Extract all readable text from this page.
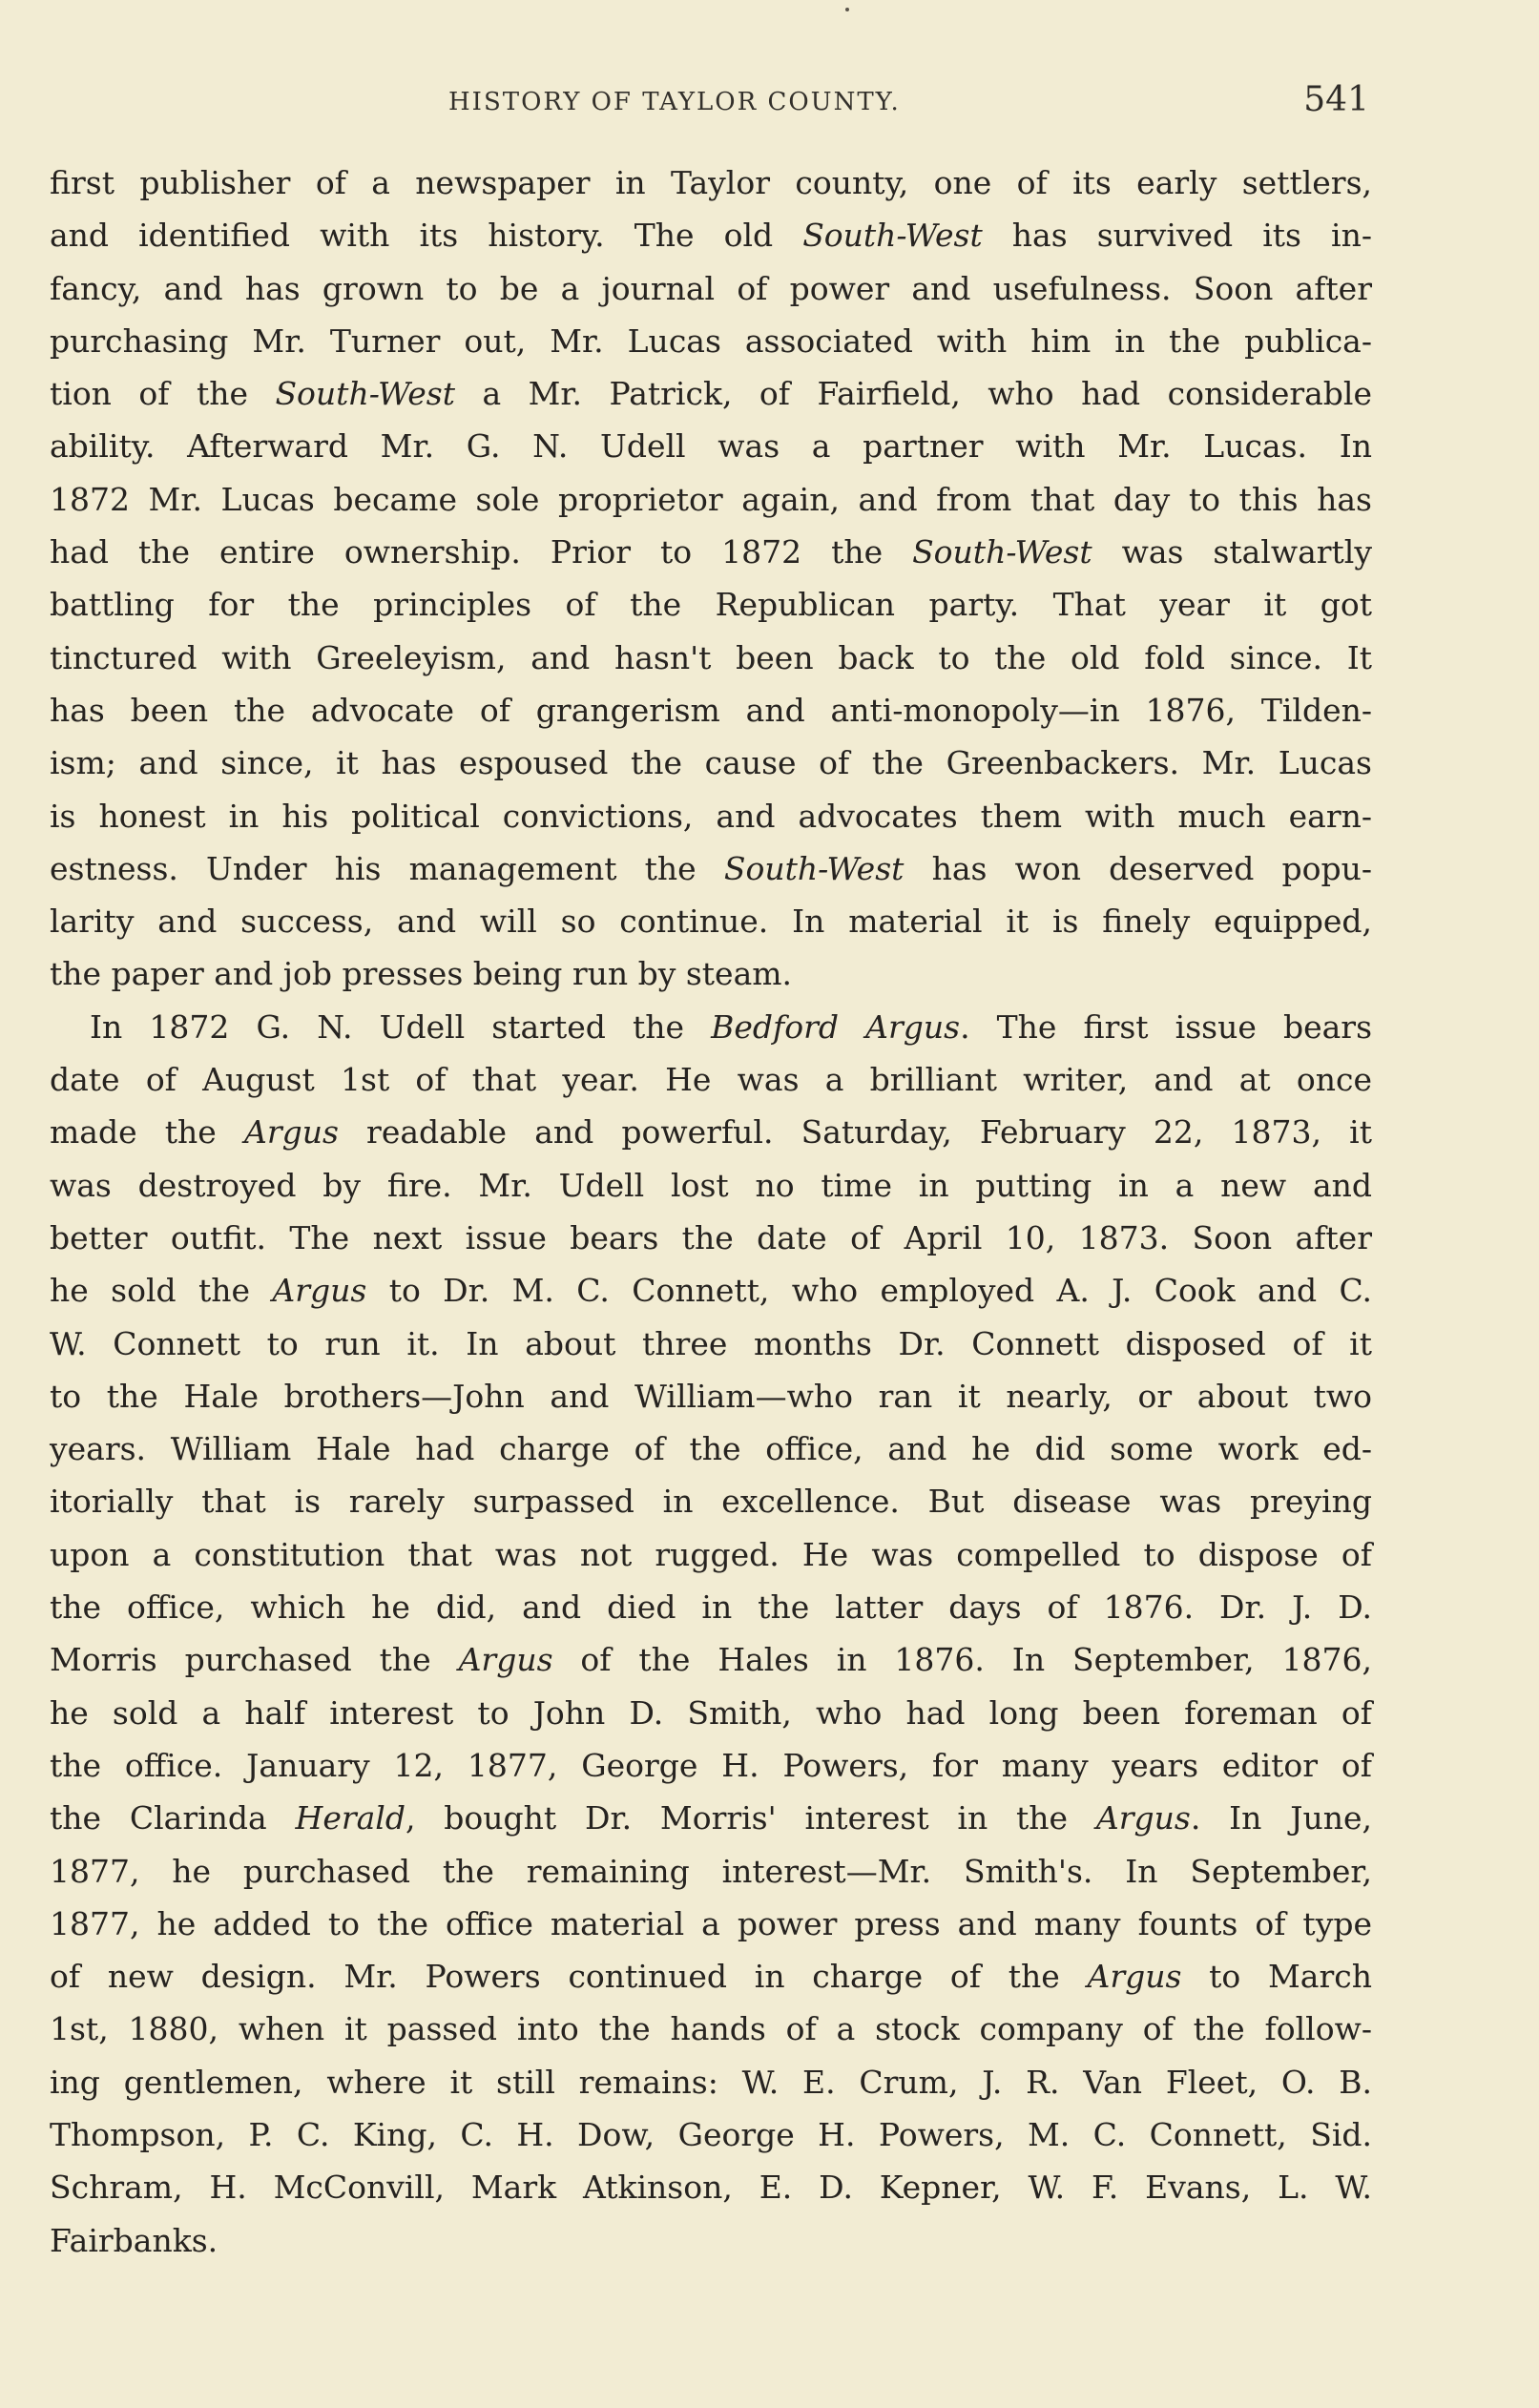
HISTORY OF TAYLOR COUNTY.	541
first publisher of a newspaper in Taylor county, one of its early settlers,
and identified with its history. The old South-West has survived its in-
fancy, and has grown to be a journal of power and usefulness. Soon after
purchasing Mr. Turner out, Mr. Lucas associated with him in the publica-
tion of the South-West a Mr. Patrick, of Fairfield, who had considerable
ability. Afterward Mr. G. N. Udell was a partner with Mr. Lucas. In
1872 Mr. Lucas became sole proprietor again, and from that day to this has
had the entire ownership. Prior to 1872 the South-West was stalwartly
battling for the principles of the Republican party. That year it got
tinctured with Greeleyism, and hasn't been back to the old fold since. It
has been the advocate of grangerism and anti-monopoly—in 1876, Tilden-
ism; and since, it has espoused the cause of the Greenbackers. Mr. Lucas
is honest in his political convictions, and advocates them with much earn-
estness. Under his management the South-West has won deserved popu-
larity and success, and will so continue. In material it is finely equipped,
the paper and job presses being run by steam.
In 1872 G. N. Udell started the Bedford Argus. The first issue bears
date of August 1st of that year. He was a brilliant writer, and at once
made the Argus readable and powerful. Saturday, February 22, 1873, it
was destroyed by fire. Mr. Udell lost no time in putting in a new and
better outfit. The next issue bears the date of April 10, 1873. Soon after
he sold the Argus to Dr. M. C. Connett, who employed A. J. Cook and C.
W. Connett to run it. In about three months Dr. Connett disposed of it
to the Hale brothers—John and William—who ran it nearly, or about two
years. William Hale had charge of the office, and he did some work ed-
itorially that is rarely surpassed in excellence. But disease was preying
upon a constitution that was not rugged. He was compelled to dispose of
the office, which he did, and died in the latter days of 1876. Dr. J. D.
Morris purchased the Argus of the Hales in 1876. In September, 1876,
he sold a half interest to John D. Smith, who had long been foreman of
the office. January 12, 1877, George H. Powers, for many years editor of
the Clarinda Herald, bought Dr. Morris' interest in the Argus. In June,
1877, he purchased the remaining interest—Mr. Smith's. In September,
1877, he added to the office material a power press and many founts of type
of new design. Mr. Powers continued in charge of the Argus to March
1st, 1880, when it passed into the hands of a stock company of the follow-
ing gentlemen, where it still remains: W. E. Crum, J. R. Van Fleet, O. B.
Thompson, P. C. King, C. H. Dow, George H. Powers, M. C. Connett, Sid.
Schram, H. McConvill, Mark Atkinson, E. D. Kepner, W. F. Evans, L. W.
Fairbanks.
